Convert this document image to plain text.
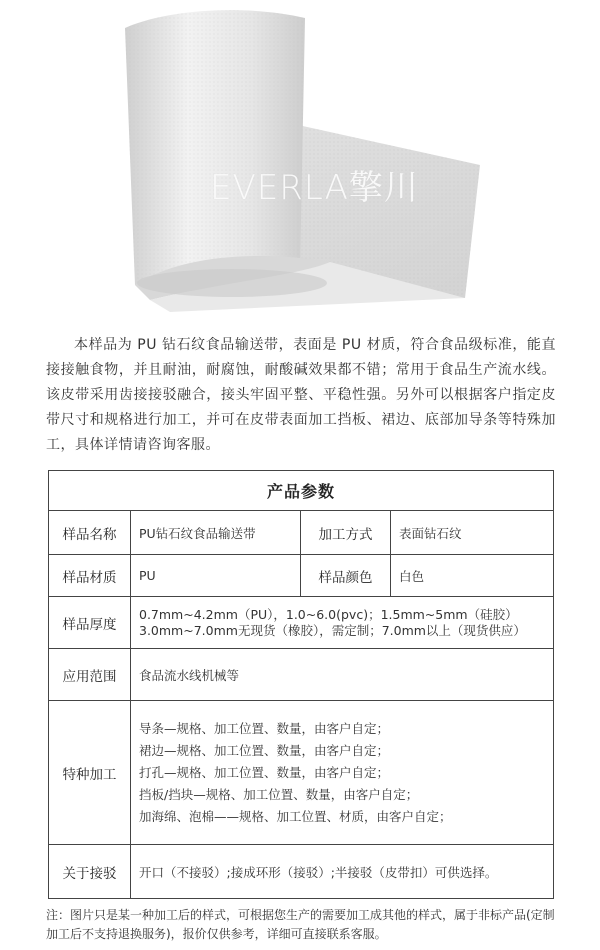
EVERLA擎川

本样品为 PU 钻石纹食品输送带，表面是 PU 材质，符合食品级标准，能直接接触食物，并且耐油，耐腐蚀，耐酸碱效果都不错；常用于食品生产流水线。该皮带采用齿接接驳融合，接头牢固平整、平稳性强。另外可以根据客户指定皮带尺寸和规格进行加工，并可在皮带表面加工挡板、裙边、底部加导条等特殊加工，具体详情请咨询客服。

产品参数			
样品名称	PU钻石纹食品输送带	加工方式	表面钻石纹
样品材质	PU	样品颜色	白色
样品厚度	0.7mm~4.2mm（PU），1.0~6.0(pvc)；1.5mm~5mm（硅胶）
3.0mm~7.0mm无现货（橡胶），需定制；7.0mm以上（现货供应）		

应用范围	食品流水线机械等		
特种加工	导条—规格、加工位置、数量，由客户自定；
裙边—规格、加工位置、数量，由客户自定；
打孔—规格、加工位置、数量，由客户自定；
挡板/挡块—规格、加工位置、数量，由客户自定；
加海绵、泡棉——规格、加工位置、材质，由客户自定；		

关于接驳	开口（不接驳）;接成环形（接驳）;半接驳（皮带扣）可供选择。		

注：图片只是某一种加工后的样式，可根据您生产的需要加工成其他的样式，属于非标产品(定制加工后不支持退换服务)，报价仅供参考，详细可直接联系客服。
